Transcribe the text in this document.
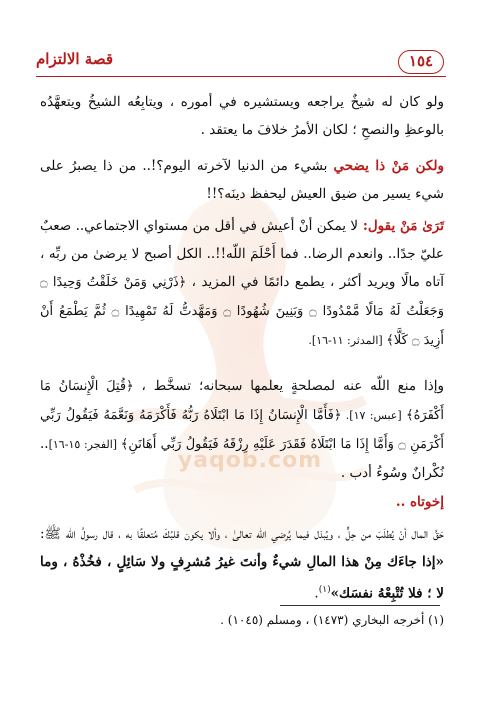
yaqob.com
قصة الالتزام	١٥٤

ولو كان له شيخٌ يراجعه ويستشيره في أموره ، ويتابِعُه الشيخُ ويتعهَّدُه بالوعظِ والنصحِ ؛ لكان الأمرُ خلافَ ما يعتقد .

ولكن مَنْ ذا يضحي بشيء من الدنيا لآخرته اليوم؟!.. من ذا يصبرُ على شيء يسير من ضيق العيش ليحفظ دينَه؟!!

تَرَىٰ مَنْ يقول: لا يمكن أنْ أعيش في أقل من مستواي الاجتماعي.. صعبٌ عليّ جدًا.. وانعدم الرضا.. فما أَحْلَمَ اللّه!!.. الكل أصبح لا يرضىٰ من ربِّه ، آتاه مالًا ويريد أكثر ، يطمع دائمًا في المزيد ، ﴿ذَرْنِي وَمَنْ خَلَقْتُ وَحِيدًا ۝ وَجَعَلْتُ لَهُ مَالًا مَّمْدُودًا ۝ وَبَنِينَ شُهُودًا ۝ وَمَهَّدتُّ لَهُ تَمْهِيدًا ۝ ثُمَّ يَطْمَعُ أَنْ أَزِيدَ ۝ كَلَّا﴾ [المدثر: ١١-١٦].

وإذا منع اللّه عنه لمصلحةٍ يعلمها سبحانه؛ تسخَّط ، ﴿قُتِلَ الْإِنسَانُ مَا أَكْفَرَهُ﴾ [عبس: ١٧]. ﴿فَأَمَّا الْإِنسَانُ إِذَا مَا ابْتَلَاهُ رَبُّهُ فَأَكْرَمَهُ وَنَعَّمَهُ فَيَقُولُ رَبِّي أَكْرَمَنِ ۝ وَأَمَّا إِذَا مَا ابْتَلَاهُ فَقَدَرَ عَلَيْهِ رِزْقَهُ فَيَقُولُ رَبِّي أَهَانَنِ﴾ [الفجر: ١٥-١٦].. نُكْرانٌ وسُوءُ أدب .

إخوتاه ..

حَقَّ المال أنْ يُطلَبَ من حِلٍّ ، ويُبذل فيما يُرضي اللّه تعالىٰ ، وألا يكون قلبُكَ مُتعلقًا به ، قال رسولُ اللّه ﷺ: «إذا جاءَك مِنْ هذا المالِ شيءٌ وأنتَ غيرُ مُشرِفٍ ولا سَائِلٍ ، فخُذْهُ ، وما لا ؛ فلا تُتْبِعْهُ نفسَك»$^{(١)}$.

(١) أخرجه البخاري (١٤٧٣) ، ومسلم (١٠٤٥) .
